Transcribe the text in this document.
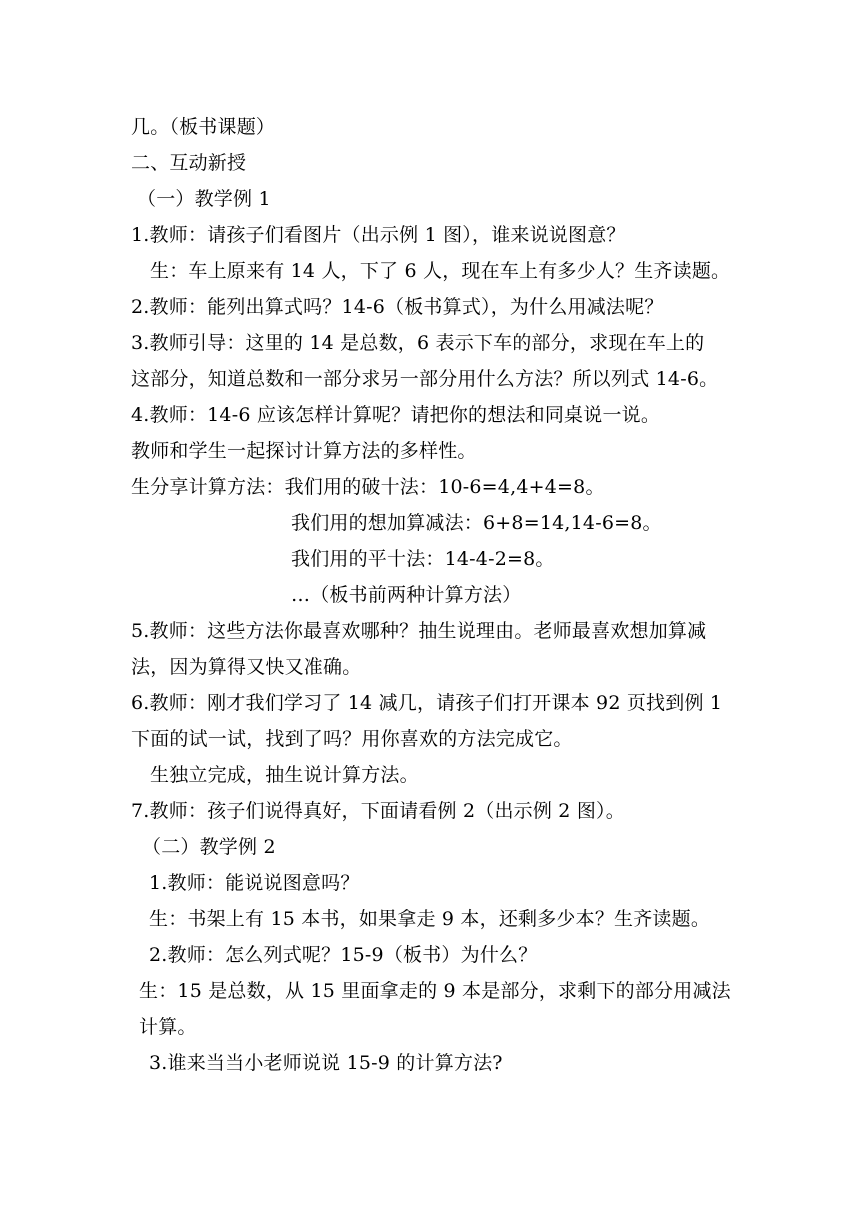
几。（板书课题）
二、互动新授
（一）教学例 1
1.教师：请孩子们看图片（出示例 1 图），谁来说说图意？
生：车上原来有 14 人，下了 6 人，现在车上有多少人？生齐读题。
2.教师：能列出算式吗？14-6（板书算式），为什么用减法呢？
3.教师引导：这里的 14 是总数，6 表示下车的部分，求现在车上的
这部分，知道总数和一部分求另一部分用什么方法？所以列式 14-6。
4.教师：14-6 应该怎样计算呢？请把你的想法和同桌说一说。
教师和学生一起探讨计算方法的多样性。
生分享计算方法：我们用的破十法：10-6=4,4+4=8。
我们用的想加算减法：6+8=14,14-6=8。
我们用的平十法：14-4-2=8。
…（板书前两种计算方法）
5.教师：这些方法你最喜欢哪种？抽生说理由。老师最喜欢想加算减
法，因为算得又快又准确。
6.教师：刚才我们学习了 14 减几，请孩子们打开课本 92 页找到例 1
下面的试一试，找到了吗？用你喜欢的方法完成它。
生独立完成，抽生说计算方法。
7.教师：孩子们说得真好，下面请看例 2（出示例 2 图）。
（二）教学例 2
1.教师：能说说图意吗？
生：书架上有 15 本书，如果拿走 9 本，还剩多少本？生齐读题。
2.教师：怎么列式呢？15-9（板书）为什么？
生：15 是总数，从 15 里面拿走的 9 本是部分，求剩下的部分用减法
计算。
3.谁来当当小老师说说 15-9 的计算方法?
